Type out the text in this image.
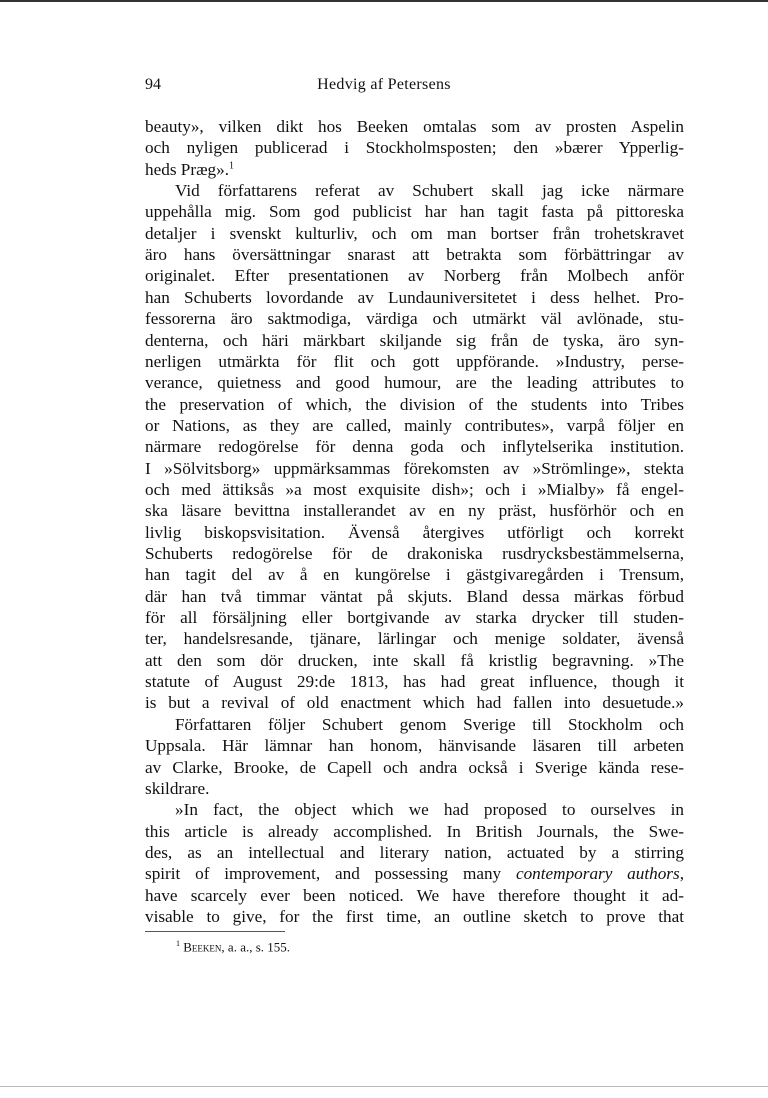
94	Hedvig af Petersens
beauty», vilken dikt hos Beeken omtalas som av prosten Aspelin
och nyligen publicerad i Stockholmsposten; den »bærer Ypperlig-
heds Præg».$^1$
Vid författarens referat av Schubert skall jag icke närmare
uppehålla mig. Som god publicist har han tagit fasta på pittoreska
detaljer i svenskt kulturliv, och om man bortser från trohetskravet
äro hans översättningar snarast att betrakta som förbättringar av
originalet. Efter presentationen av Norberg från Molbech anför
han Schuberts lovordande av Lundauniversitetet i dess helhet. Pro-
fessorerna äro saktmodiga, värdiga och utmärkt väl avlönade, stu-
denterna, och häri märkbart skiljande sig från de tyska, äro syn-
nerligen utmärkta för flit och gott uppförande. »Industry, perse-
verance, quietness and good humour, are the leading attributes to
the preservation of which, the division of the students into Tribes
or Nations, as they are called, mainly contributes», varpå följer en
närmare redogörelse för denna goda och inflytelserika institution.
I »Sölvitsborg» uppmärksammas förekomsten av »Strömlinge», stekta
och med ättiksås »a most exquisite dish»; och i »Mialby» få engel-
ska läsare bevittna installerandet av en ny präst, husförhör och en
livlig biskopsvisitation. Ävenså återgives utförligt och korrekt
Schuberts redogörelse för de drakoniska rusdrycksbestämmelserna,
han tagit del av å en kungörelse i gästgivaregården i Trensum,
där han två timmar väntat på skjuts. Bland dessa märkas förbud
för all försäljning eller bortgivande av starka drycker till studen-
ter, handelsresande, tjänare, lärlingar och menige soldater, ävenså
att den som dör drucken, inte skall få kristlig begravning. »The
statute of August 29:de 1813, has had great influence, though it
is but a revival of old enactment which had fallen into desuetude.»
Författaren följer Schubert genom Sverige till Stockholm och
Uppsala. Här lämnar han honom, hänvisande läsaren till arbeten
av Clarke, Brooke, de Capell och andra också i Sverige kända rese-
skildrare.
»In fact, the object which we had proposed to ourselves in
this article is already accomplished. In British Journals, the Swe-
des, as an intellectual and literary nation, actuated by a stirring
spirit of improvement, and possessing many contemporary authors,
have scarcely ever been noticed. We have therefore thought it ad-
visable to give, for the first time, an outline sketch to prove that
$^1$ Beeken, a. a., s. 155.
